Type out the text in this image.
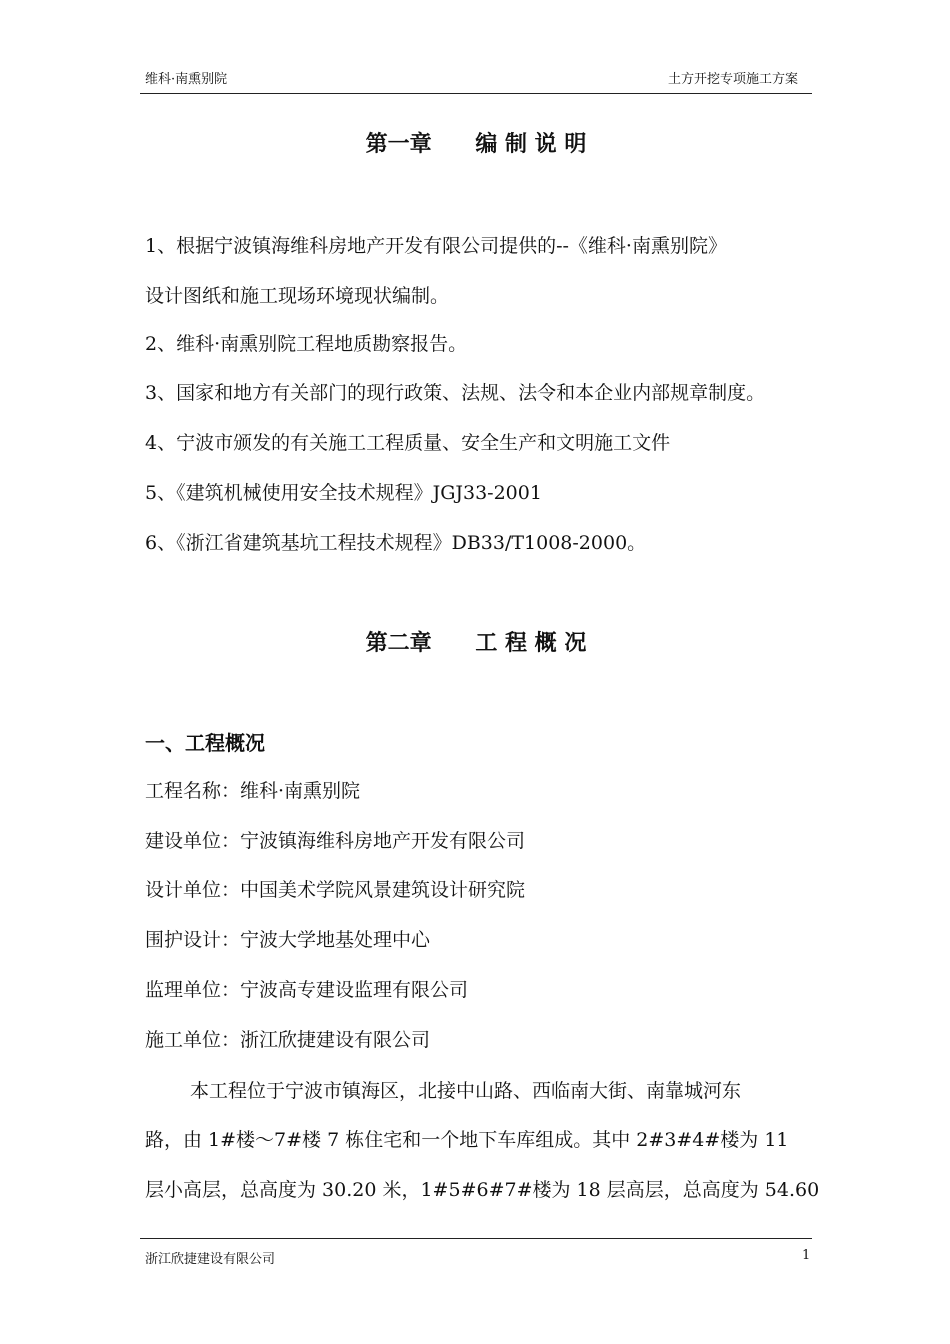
维科·南熏别院	土方开挖专项施工方案
第一章 编 制 说 明
1、根据宁波镇海维科房地产开发有限公司提供的--《维科·南熏别院》
设计图纸和施工现场环境现状编制。
2、维科·南熏别院工程地质勘察报告。
3、国家和地方有关部门的现行政策、法规、法令和本企业内部规章制度。
4、宁波市颁发的有关施工工程质量、安全生产和文明施工文件
5、《建筑机械使用安全技术规程》JGJ33-2001
6、《浙江省建筑基坑工程技术规程》DB33/T1008-2000。
第二章 工 程 概 况
一、工程概况
工程名称：维科·南熏别院
建设单位：宁波镇海维科房地产开发有限公司
设计单位：中国美术学院风景建筑设计研究院
围护设计：宁波大学地基处理中心
监理单位：宁波高专建设监理有限公司
施工单位：浙江欣捷建设有限公司
本工程位于宁波市镇海区，北接中山路、西临南大街、南靠城河东
路，由 1#楼～7#楼 7 栋住宅和一个地下车库组成。其中 2#3#4#楼为 11
层小高层，总高度为 30.20 米，1#5#6#7#楼为 18 层高层，总高度为 54.60
浙江欣捷建设有限公司	1
